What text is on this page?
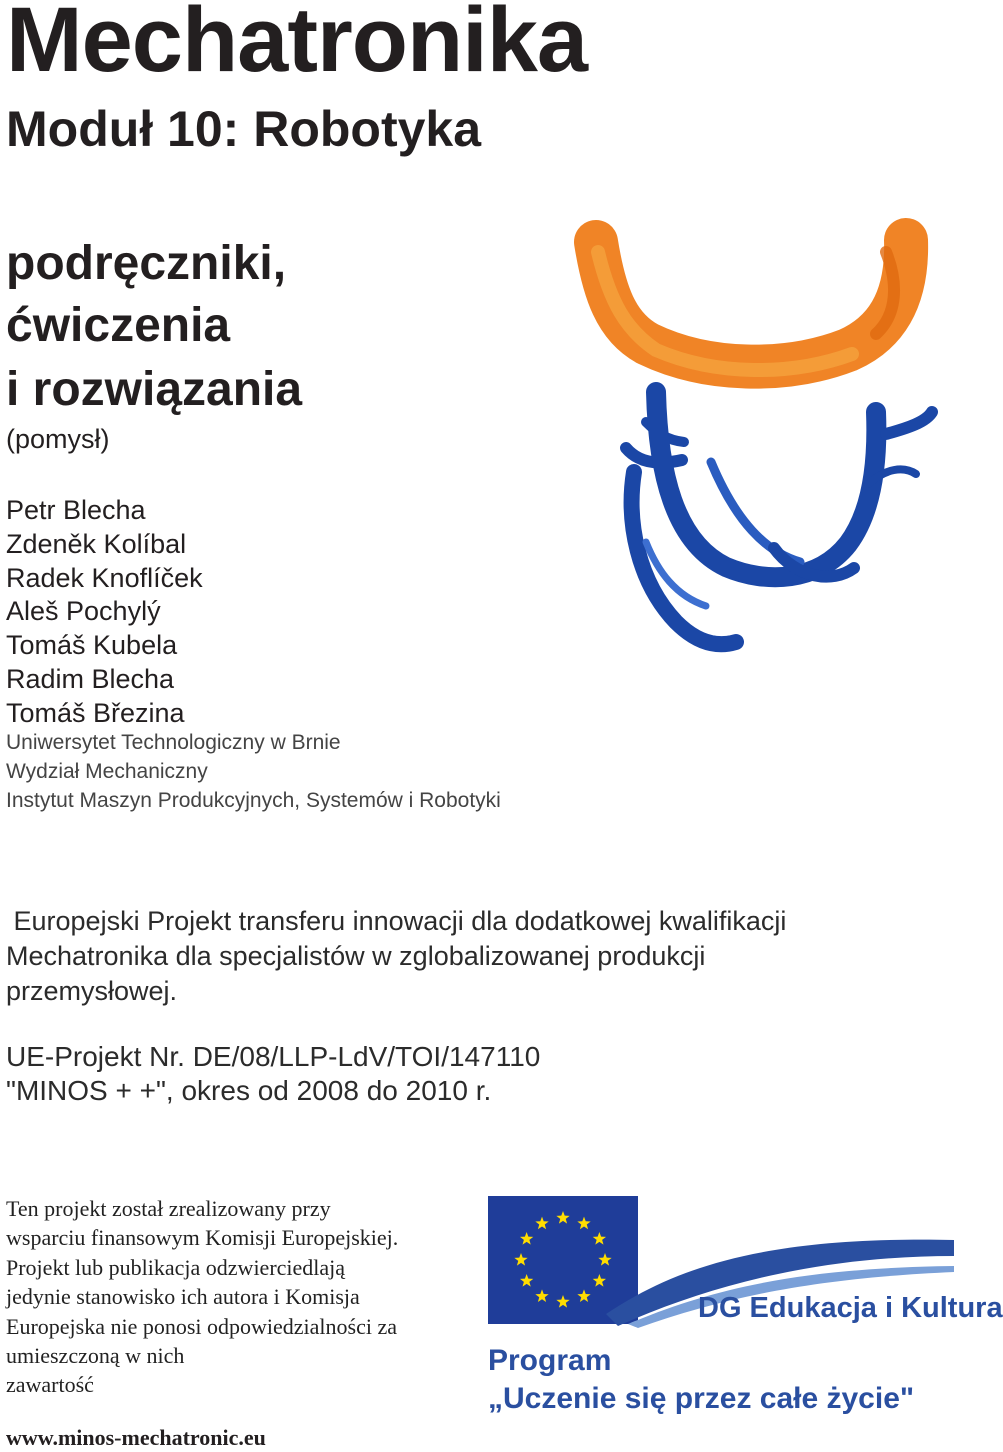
Mechatronika
Moduł 10: Robotyka
podręczniki,
ćwiczenia
i rozwiązania
(pomysł)
Petr Blecha
Zdeněk Kolíbal
Radek Knoflíček
Aleš Pochylý
Tomáš Kubela
Radim Blecha
Tomáš Březina
Uniwersytet Technologiczny w Brnie
Wydział Mechaniczny
Instytut Maszyn Produkcyjnych, Systemów i Robotyki
Europejski Projekt transferu innowacji dla dodatkowej kwalifikacji
Mechatronika dla specjalistów w zglobalizowanej produkcji
przemysłowej.
UE-Projekt Nr. DE/08/LLP-LdV/TOI/147110
"MINOS + +", okres od 2008 do 2010 r.
Ten projekt został zrealizowany przy
wsparciu finansowym Komisji Europejskiej.
Projekt lub publikacja odzwierciedlają
jedynie stanowisko ich autora i Komisja
Europejska nie ponosi odpowiedzialności za
umieszczoną w nich
zawartość
www.minos-mechatronic.eu
DG Edukacja i Kultura
Program
„Uczenie się przez całe życie"
